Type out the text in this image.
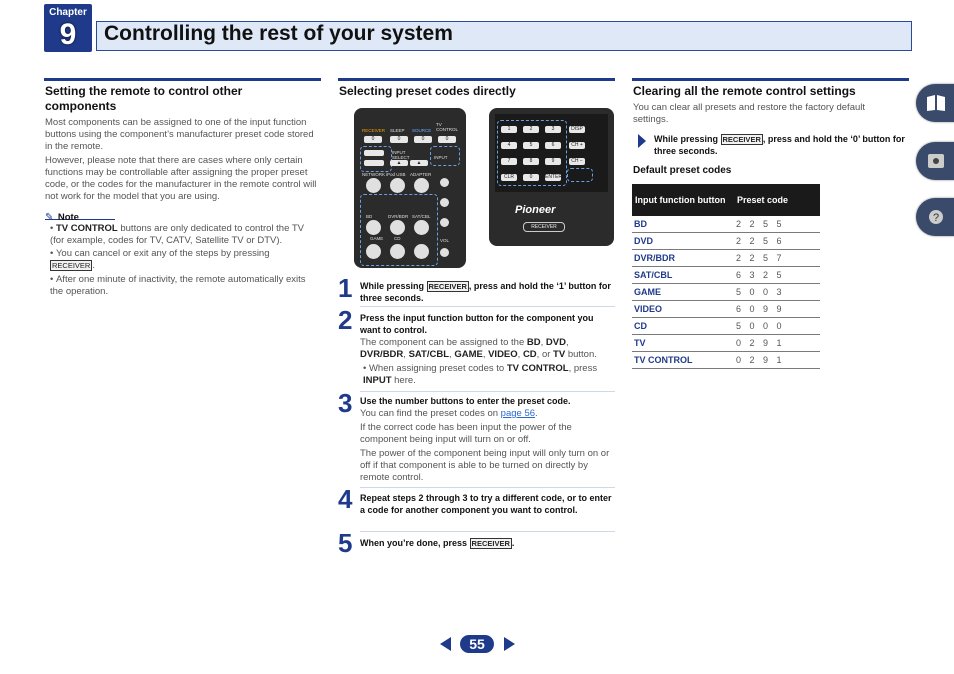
Chapter
9	Controlling the rest of your system
?
Setting the remote to control other components
Most components can be assigned to one of the input function buttons using the component’s manufacturer preset code stored in the remote.
However, please note that there are cases where only certain functions may be controllable after assigning the proper preset code, or the codes for the manufacturer in the remote control will not work for the model that you are using.
✎ Note
• TV CONTROL buttons are only dedicated to control the TV (for example, codes for TV, CATV, Satellite TV or DTV).
• You can cancel or exit any of the steps by pressing
RECEIVER .
• After one minute of inactivity, the remote automatically exits the operation.
Selecting preset codes directly
RECEIVER SLEEP SOURCE
TV CONTROL
0	0	0	0
INPUT SELECT	INPUT
▲	▲
NETWORK iPod USB ADAPTER
BD	DVR/BDR SAT/CBL
GAME CD	VOL
1	2	3	DISP
4	5	6	CH +
7	8	9	CH −
CLR	0	ENTER
Pioneer
RECEIVER
1 While pressing RECEIVER , press and hold the ‘1’ button for three seconds.
2 Press the input function button for the component you want to control.
The component can be assigned to the BD, DVD, DVR/BDR, SAT/CBL, GAME, VIDEO, CD, or TV button.
• When assigning preset codes to TV CONTROL, press INPUT here.
3 Use the number buttons to enter the preset code.
You can find the preset codes on page 56.
If the correct code has been input the power of the component being input will turn on or off.
The power of the component being input will only turn on or off if that component is able to be turned on directly by remote control.
4 Repeat steps 2 through 3 to try a different code, or to enter a code for another component you want to control.
5 When you’re done, press RECEIVER .
Clearing all the remote control settings
You can clear all presets and restore the factory default settings.
While pressing RECEIVER , press and hold the ‘0’ button for three seconds.
Default preset codes
Input function button	Preset code
BD	2 2 5 5
DVD	2 2 5 6
DVR/BDR	2 2 5 7
SAT/CBL	6 3 2 5
GAME	5 0 0 3
VIDEO	6 0 9 9
CD	5 0 0 0
TV	0 2 9 1
TV CONTROL	0 2 9 1
55
